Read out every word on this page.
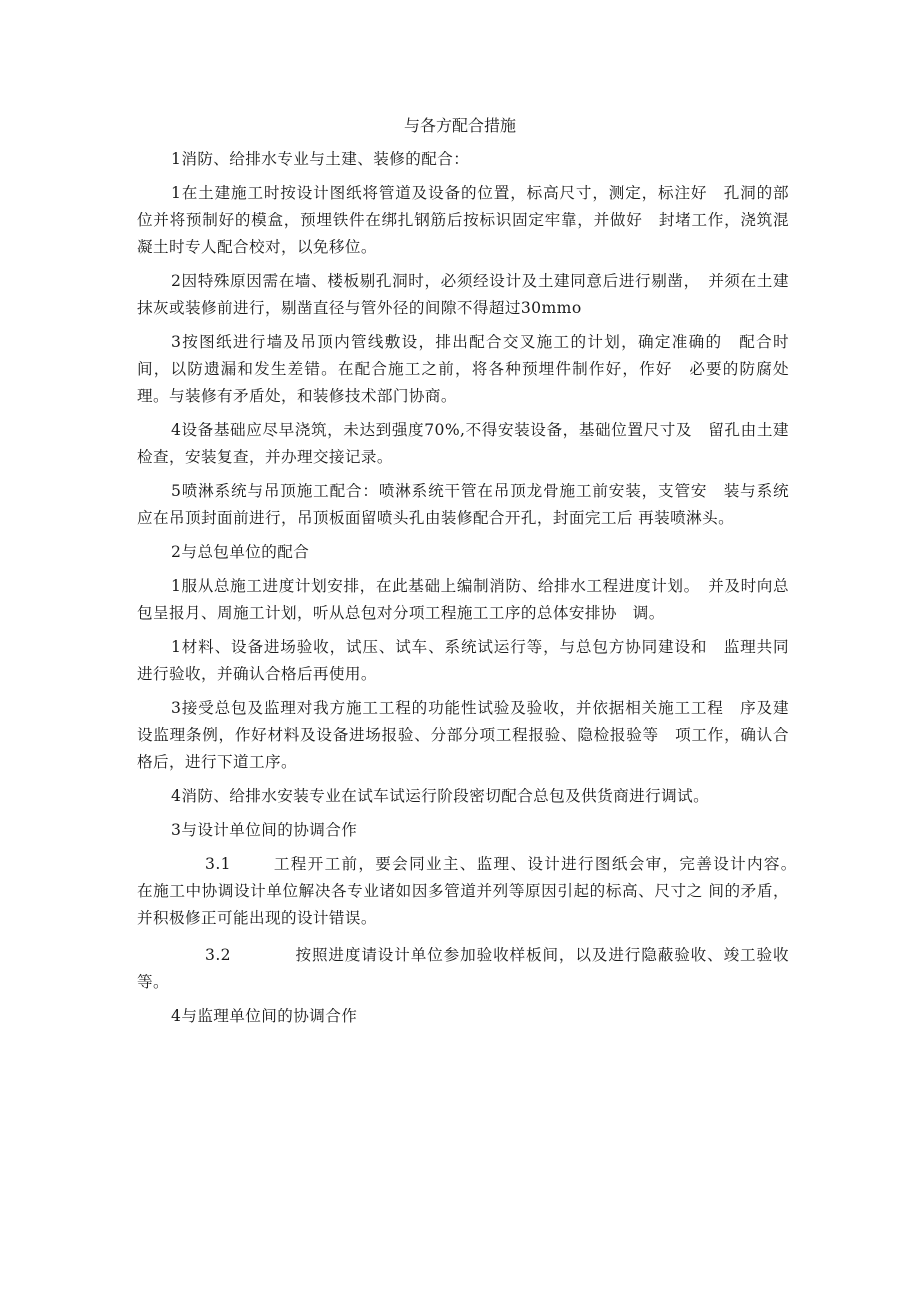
与各方配合措施

1消防、给排水专业与土建、装修的配合：

1在土建施工时按设计图纸将管道及设备的位置，标高尺寸，测定，标注好　孔洞的部位并将预制好的模盒，预埋铁件在绑扎钢筋后按标识固定牢靠，并做好　封堵工作，浇筑混凝土时专人配合校对，以免移位。

2因特殊原因需在墙、楼板剔孔洞时，必须经设计及土建同意后进行剔凿，　并须在土建抹灰或装修前进行，剔凿直径与管外径的间隙不得超过30mmo

3按图纸进行墙及吊顶内管线敷设，排出配合交叉施工的计划，确定准确的　配合时间，以防遗漏和发生差错。在配合施工之前，将各种预埋件制作好，作好　必要的防腐处理。与装修有矛盾处，和装修技术部门协商。

4设备基础应尽早浇筑，未达到强度70%,不得安装设备，基础位置尺寸及　留孔由土建检查，安装复查，并办理交接记录。

5喷淋系统与吊顶施工配合：喷淋系统干管在吊顶龙骨施工前安装，支管安　装与系统应在吊顶封面前进行，吊顶板面留喷头孔由装修配合开孔，封面完工后 再装喷淋头。

2与总包单位的配合

1服从总施工进度计划安排，在此基础上编制消防、给排水工程进度计划。　并及时向总包呈报月、周施工计划，听从总包对分项工程施工工序的总体安排协　调。

1材料、设备进场验收，试压、试车、系统试运行等，与总包方协同建设和　监理共同进行验收，并确认合格后再使用。

3接受总包及监理对我方施工工程的功能性试验及验收，并依据相关施工工程　序及建设监理条例，作好材料及设备进场报验、分部分项工程报验、隐检报验等　项工作，确认合格后，进行下道工序。

4消防、给排水安装专业在试车试运行阶段密切配合总包及供货商进行调试。

3与设计单位间的协调合作

3.1	工程开工前，要会同业主、监理、设计进行图纸会审，完善设计内容。　在施工中协调设计单位解决各专业诸如因多管道并列等原因引起的标高、尺寸之 间的矛盾，并积极修正可能出现的设计错误。

3.2	按照进度请设计单位参加验收样板间，以及进行隐蔽验收、竣工验收等。

4与监理单位间的协调合作
